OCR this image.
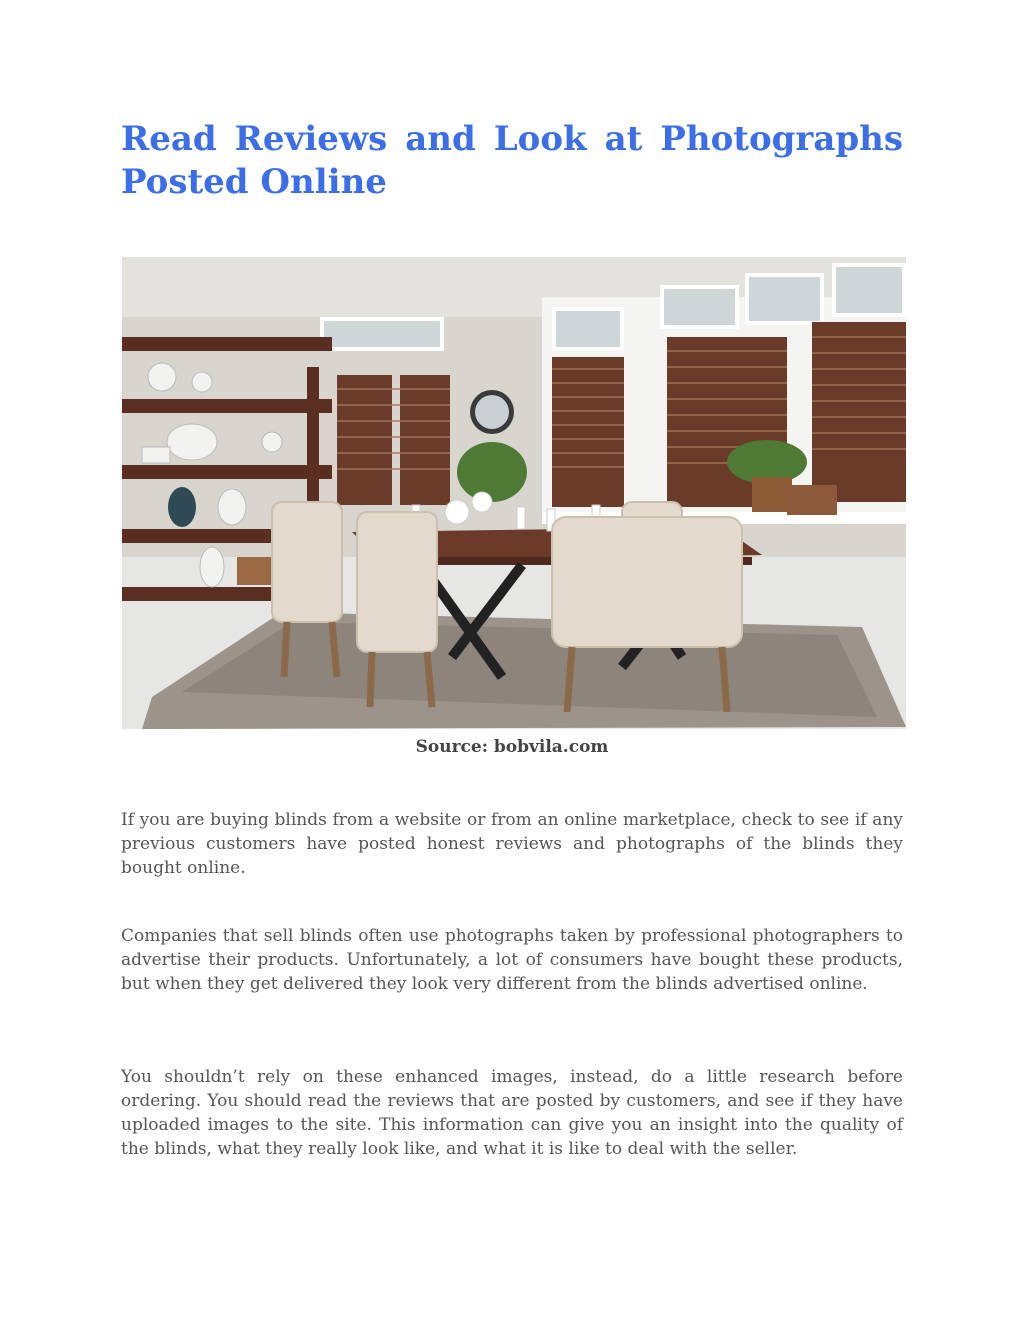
Read Reviews and Look at Photographs Posted Online
Source: bobvila.com

If you are buying blinds from a website or from an online marketplace, check to see if any previous customers have posted honest reviews and photographs of the blinds they bought online.

Companies that sell blinds often use photographs taken by professional photographers to advertise their products. Unfortunately, a lot of consumers have bought these products, but when they get delivered they look very different from the blinds advertised online.

You shouldn’t rely on these enhanced images, instead, do a little research before ordering. You should read the reviews that are posted by customers, and see if they have uploaded images to the site. This information can give you an insight into the quality of the blinds, what they really look like, and what it is like to deal with the seller.
